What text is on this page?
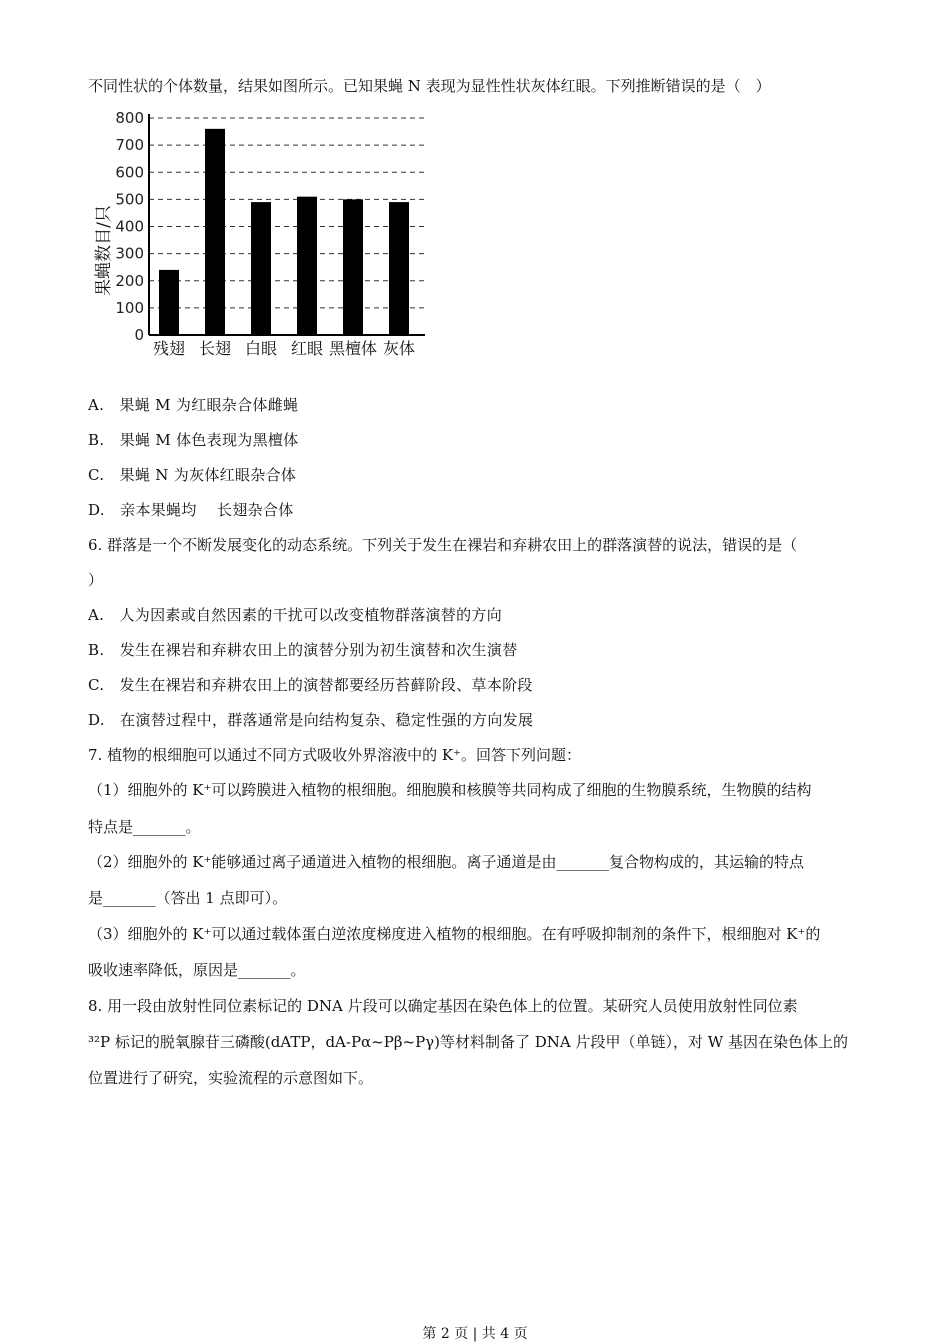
不同性状的个体数量，结果如图所示。已知果蝇 N 表现为显性性状灰体红眼。下列推断错误的是（　）
0
100
200
300
400
500
600
700
800
残翅 长翅 白眼 红眼 黑檀体 灰体
果蝇数目/只
A.　果蝇 M 为红眼杂合体雌蝇
B.　果蝇 M 体色表现为黑檀体
C.　果蝇 N 为灰体红眼杂合体
D.　亲本果蝇均　 长翅杂合体
6. 群落是一个不断发展变化的动态系统。下列关于发生在裸岩和弃耕农田上的群落演替的说法，错误的是（
）
A.　人为因素或自然因素的干扰可以改变植物群落演替的方向
B.　发生在裸岩和弃耕农田上的演替分别为初生演替和次生演替
C.　发生在裸岩和弃耕农田上的演替都要经历苔藓阶段、草本阶段
D.　在演替过程中，群落通常是向结构复杂、稳定性强的方向发展
7. 植物的根细胞可以通过不同方式吸收外界溶液中的 K⁺。回答下列问题：
（1）细胞外的 K⁺可以跨膜进入植物的根细胞。细胞膜和核膜等共同构成了细胞的生物膜系统，生物膜的结构
特点是_______。
（2）细胞外的 K⁺能够通过离子通道进入植物的根细胞。离子通道是由_______复合物构成的，其运输的特点
是_______（答出 1 点即可）。
（3）细胞外的 K⁺可以通过载体蛋白逆浓度梯度进入植物的根细胞。在有呼吸抑制剂的条件下，根细胞对 K⁺的
吸收速率降低，原因是_______。
8. 用一段由放射性同位素标记的 DNA 片段可以确定基因在染色体上的位置。某研究人员使用放射性同位素
³²P 标记的脱氧腺苷三磷酸(dATP，dA-Pα~Pβ~Pγ)等材料制备了 DNA 片段甲（单链），对 W 基因在染色体上的
位置进行了研究，实验流程的示意图如下。
第 2 页 | 共 4 页
